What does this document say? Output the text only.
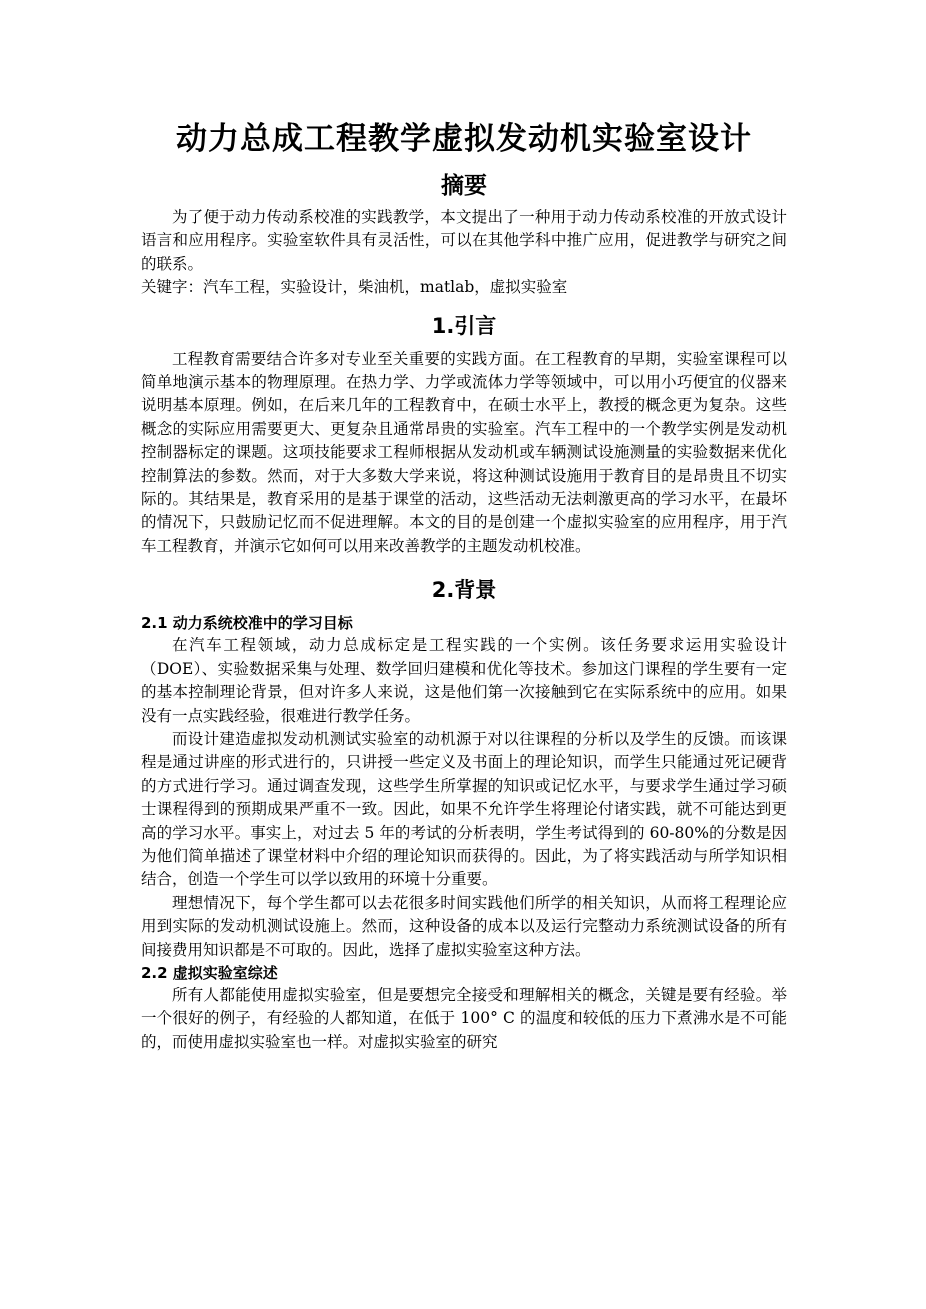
动力总成工程教学虚拟发动机实验室设计
摘要

为了便于动力传动系校准的实践教学，本文提出了一种用于动力传动系校准的开放式设计语言和应用程序。实验室软件具有灵活性，可以在其他学科中推广应用，促进教学与研究之间的联系。

关键字：汽车工程，实验设计，柴油机，matlab，虚拟实验室

1.引言

工程教育需要结合许多对专业至关重要的实践方面。在工程教育的早期，实验室课程可以简单地演示基本的物理原理。在热力学、力学或流体力学等领域中，可以用小巧便宜的仪器来说明基本原理。例如，在后来几年的工程教育中，在硕士水平上，教授的概念更为复杂。这些概念的实际应用需要更大、更复杂且通常昂贵的实验室。汽车工程中的一个教学实例是发动机控制器标定的课题。这项技能要求工程师根据从发动机或车辆测试设施测量的实验数据来优化控制算法的参数。然而，对于大多数大学来说，将这种测试设施用于教育目的是昂贵且不切实际的。其结果是，教育采用的是基于课堂的活动，这些活动无法刺激更高的学习水平，在最坏的情况下，只鼓励记忆而不促进理解。本文的目的是创建一个虚拟实验室的应用程序，用于汽车工程教育，并演示它如何可以用来改善教学的主题发动机校准。

2.背景
2.1 动力系统校准中的学习目标

在汽车工程领域，动力总成标定是工程实践的一个实例。该任务要求运用实验设计（DOE）、实验数据采集与处理、数学回归建模和优化等技术。参加这门课程的学生要有一定的基本控制理论背景，但对许多人来说，这是他们第一次接触到它在实际系统中的应用。如果没有一点实践经验，很难进行教学任务。

而设计建造虚拟发动机测试实验室的动机源于对以往课程的分析以及学生的反馈。而该课程是通过讲座的形式进行的，只讲授一些定义及书面上的理论知识，而学生只能通过死记硬背的方式进行学习。通过调查发现，这些学生所掌握的知识或记忆水平，与要求学生通过学习硕士课程得到的预期成果严重不一致。因此，如果不允许学生将理论付诸实践，就不可能达到更高的学习水平。事实上，对过去 5 年的考试的分析表明，学生考试得到的 60-80%的分数是因为他们简单描述了课堂材料中介绍的理论知识而获得的。因此，为了将实践活动与所学知识相结合，创造一个学生可以学以致用的环境十分重要。

理想情况下，每个学生都可以去花很多时间实践他们所学的相关知识，从而将工程理论应用到实际的发动机测试设施上。然而，这种设备的成本以及运行完整动力系统测试设备的所有间接费用知识都是不可取的。因此，选择了虚拟实验室这种方法。

2.2 虚拟实验室综述

所有人都能使用虚拟实验室，但是要想完全接受和理解相关的概念，关键是要有经验。举一个很好的例子，有经验的人都知道，在低于 100° C 的温度和较低的压力下煮沸水是不可能的，而使用虚拟实验室也一样。对虚拟实验室的研究
